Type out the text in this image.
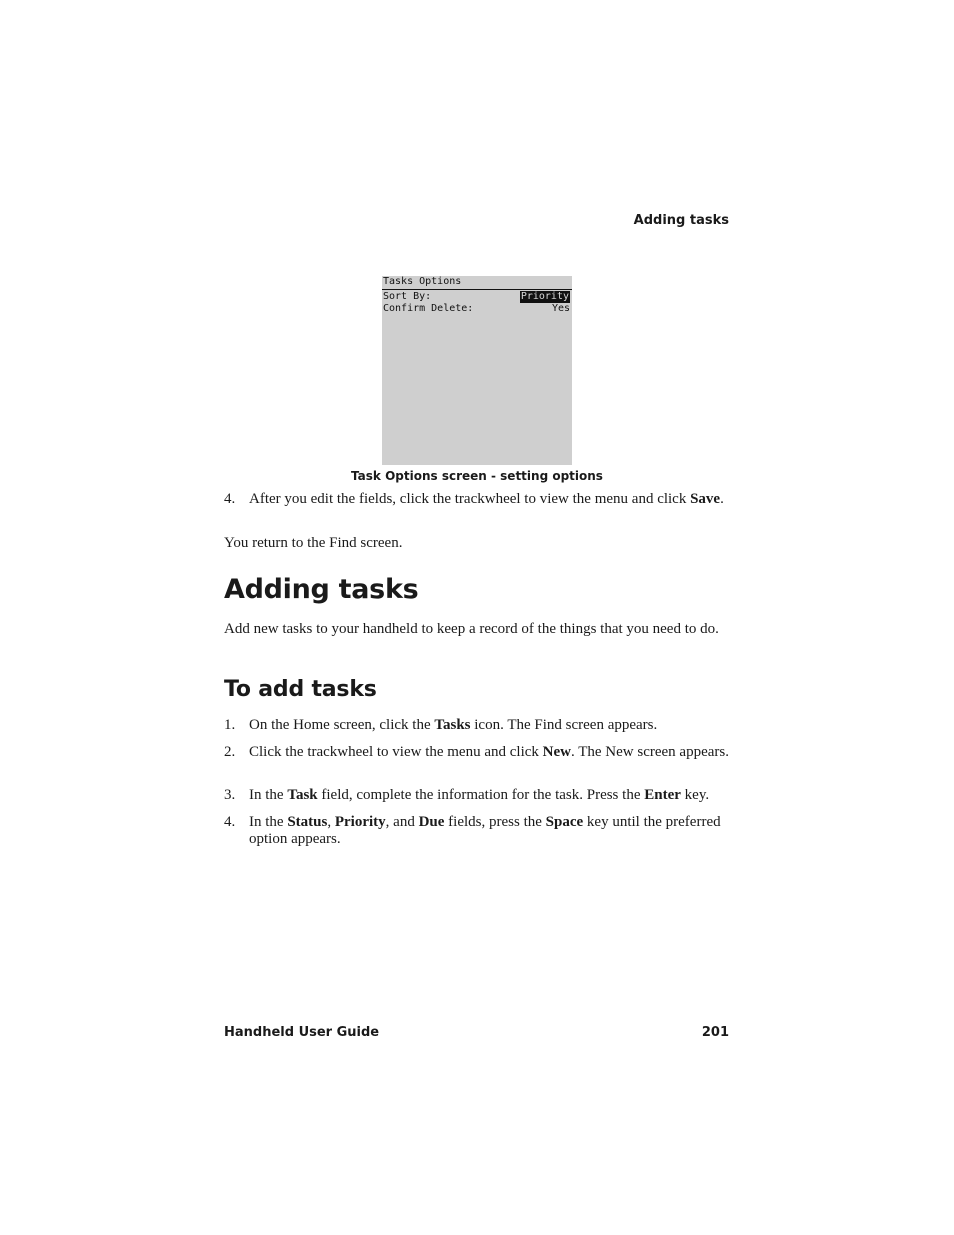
Adding tasks
Tasks Options
Sort By:	Priority
Confirm Delete:	Yes
Task Options screen - setting options
4. After you edit the fields, click the trackwheel to view the menu and click Save.
You return to the Find screen.
Adding tasks
Add new tasks to your handheld to keep a record of the things that you need to do.
To add tasks
1. On the Home screen, click the Tasks icon. The Find screen appears.
2. Click the trackwheel to view the menu and click New. The New screen appears.
3. In the Task field, complete the information for the task. Press the Enter key.
4. In the Status, Priority, and Due fields, press the Space key until the preferred option appears.
Handheld User Guide	201
